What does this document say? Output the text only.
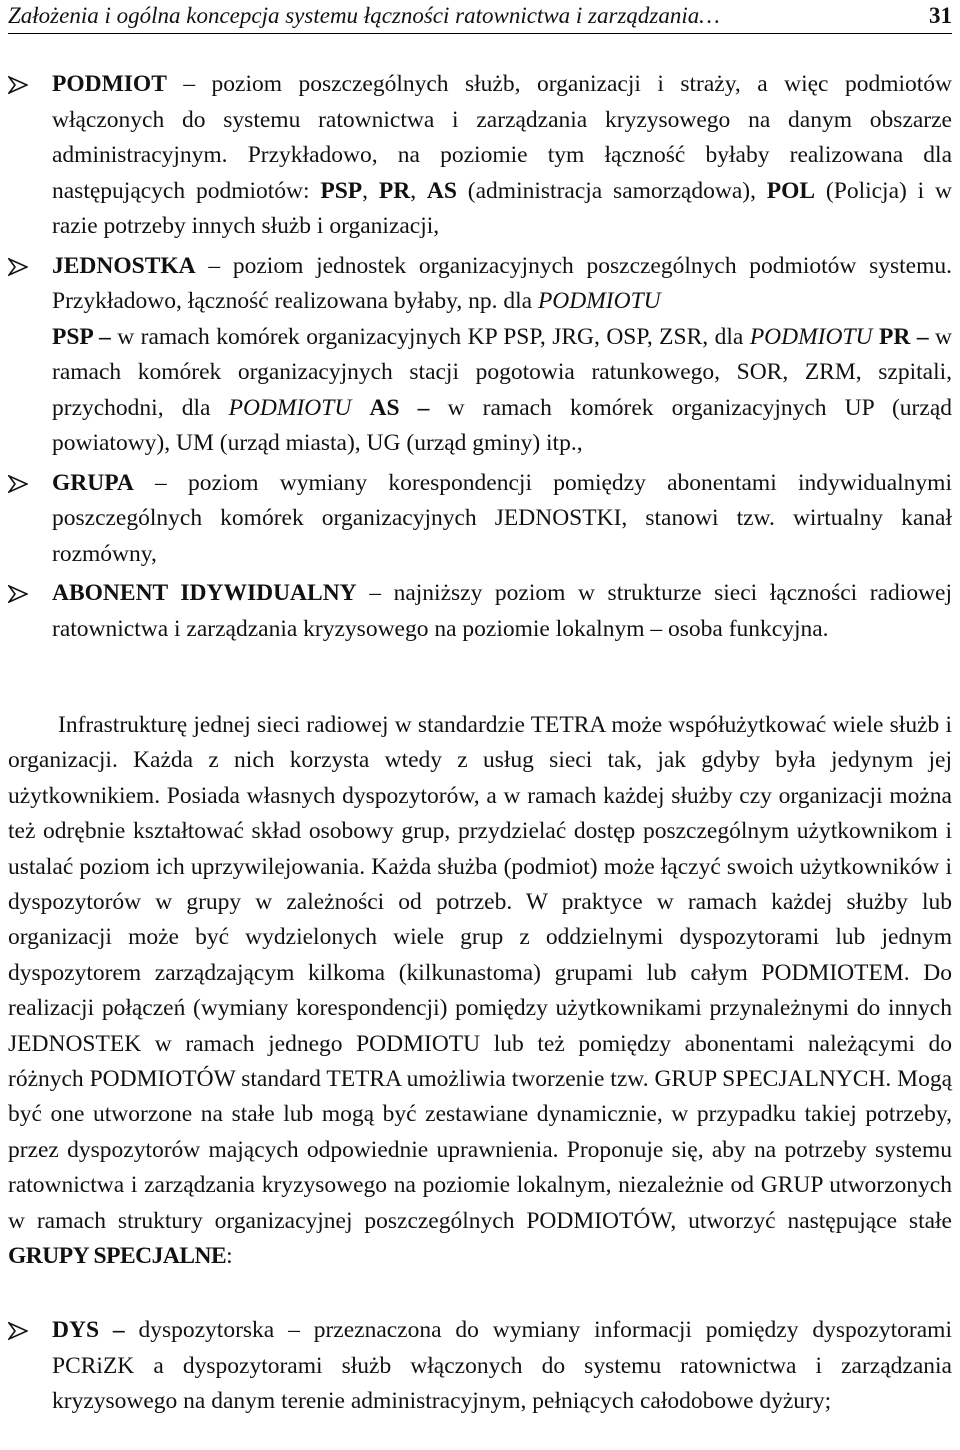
Założenia i ogólna koncepcja systemu łączności ratownictwa i zarządzania…	31
PODMIOT – poziom poszczególnych służb, organizacji i straży, a więc podmiotów włączonych do systemu ratownictwa i zarządzania kryzysowego na danym obszarze administracyjnym. Przykładowo, na poziomie tym łączność byłaby realizowana dla następujących podmiotów: PSP, PR, AS (administracja samorządowa), POL (Policja) i w razie potrzeby innych służb i organizacji,
JEDNOSTKA – poziom jednostek organizacyjnych poszczególnych podmiotów systemu. Przykładowo, łączność realizowana byłaby, np. dla PODMIOTU
PSP – w ramach komórek organizacyjnych KP PSP, JRG, OSP, ZSR, dla PODMIOTU PR – w ramach komórek organizacyjnych stacji pogotowia ratunkowego, SOR, ZRM, szpitali, przychodni, dla PODMIOTU AS – w ramach komórek organizacyjnych UP (urząd powiatowy), UM (urząd miasta), UG (urząd gminy) itp.,
GRUPA – poziom wymiany korespondencji pomiędzy abonentami indywidualnymi poszczególnych komórek organizacyjnych JEDNOSTKI, stanowi tzw. wirtualny kanał rozmówny,
ABONENT IDYWIDUALNY – najniższy poziom w strukturze sieci łączności radiowej ratownictwa i zarządzania kryzysowego na poziomie lokalnym – osoba funkcyjna.
Infrastrukturę jednej sieci radiowej w standardzie TETRA może współużytkować wiele służb i organizacji. Każda z nich korzysta wtedy z usług sieci tak, jak gdyby była jedynym jej użytkownikiem. Posiada własnych dyspozytorów, a w ramach każdej służby czy organizacji można też odrębnie kształtować skład osobowy grup, przydzielać dostęp poszczególnym użytkownikom i ustalać poziom ich uprzywilejowania. Każda służba (podmiot) może łączyć swoich użytkowników i dyspozytorów w grupy w zależności od potrzeb. W praktyce w ramach każdej służby lub organizacji może być wydzielonych wiele grup z oddzielnymi dyspozytorami lub jednym dyspozytorem zarządzającym kilkoma (kilkunastoma) grupami lub całym PODMIOTEM. Do realizacji połączeń (wymiany korespondencji) pomiędzy użytkownikami przynależnymi do innych JEDNOSTEK w ramach jednego PODMIOTU lub też pomiędzy abonentami należącymi do różnych PODMIOTÓW standard TETRA umożliwia tworzenie tzw. GRUP SPECJALNYCH. Mogą być one utworzone na stałe lub mogą być zestawiane dynamicznie, w przypadku takiej potrzeby, przez dyspozytorów mających odpowiednie uprawnienia. Proponuje się, aby na potrzeby systemu ratownictwa i zarządzania kryzysowego na poziomie lokalnym, niezależnie od GRUP utworzonych w ramach struktury organizacyjnej poszczególnych PODMIOTÓW, utworzyć następujące stałe GRUPY SPECJALNE:
DYS – dyspozytorska – przeznaczona do wymiany informacji pomiędzy dyspozytorami PCRiZK a dyspozytorami służb włączonych do systemu ratownictwa i zarządzania kryzysowego na danym terenie administracyjnym, pełniących całodobowe dyżury;
